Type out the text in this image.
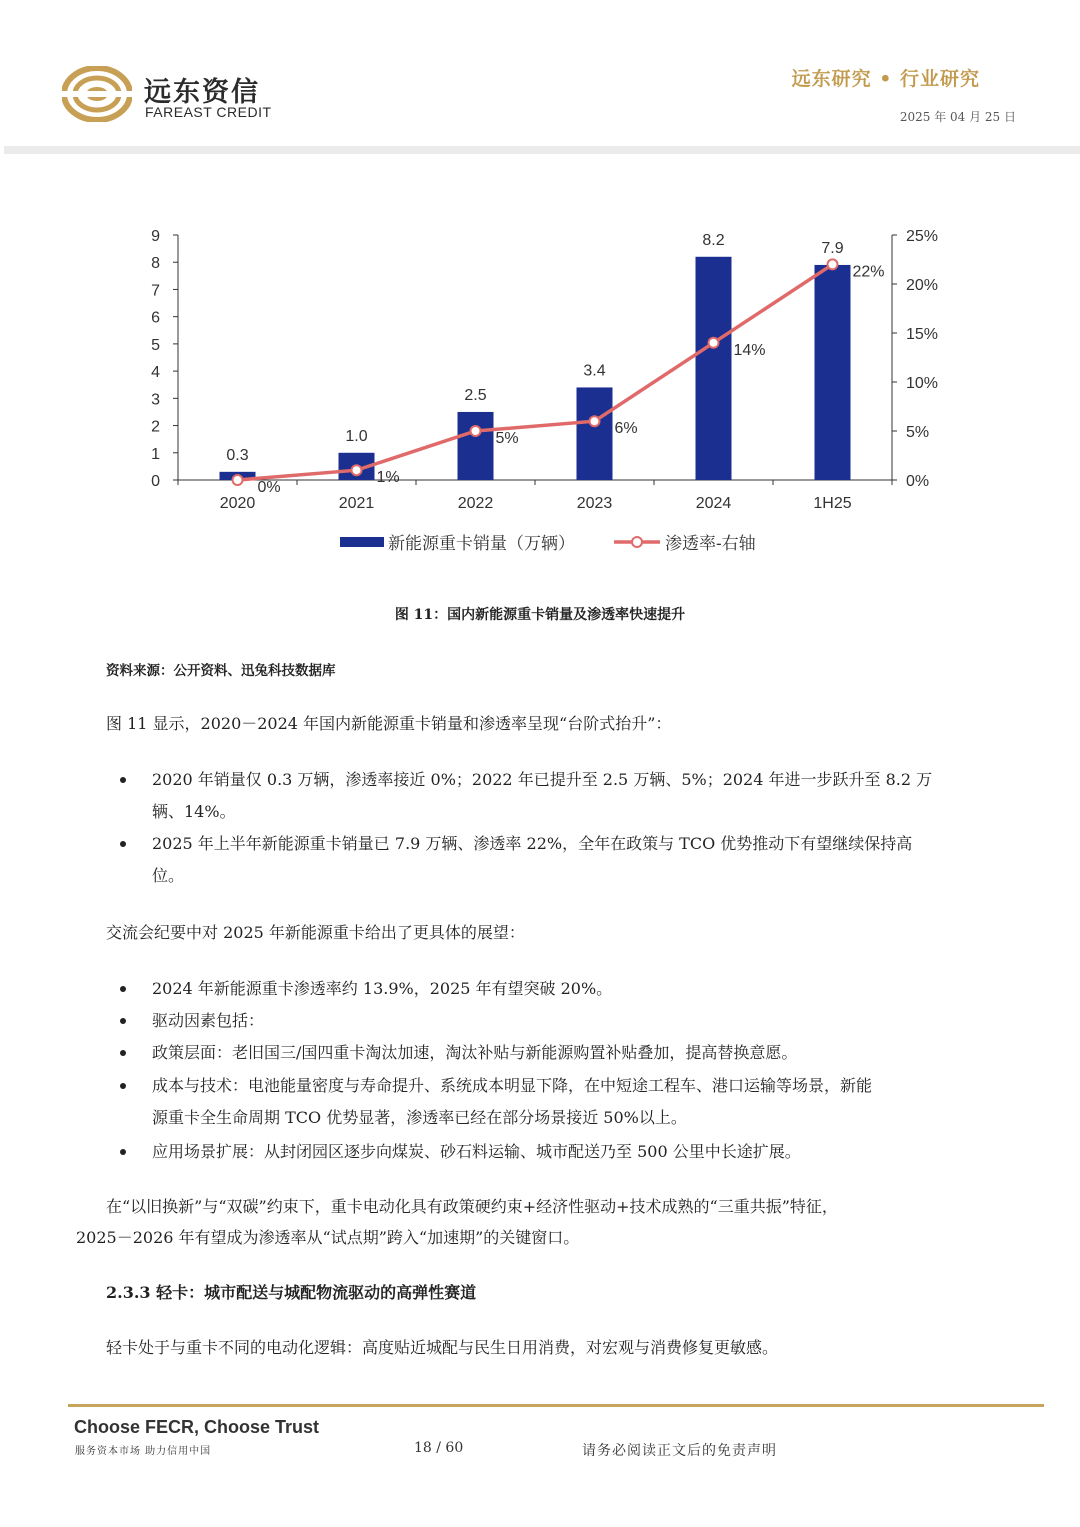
远东资信
FAREAST CREDIT
远东研究 • 行业研究
2025 年 04 月 25 日
0
1
2
3
4
5
6
7
8
9
0%
5%
10%
15%
20%
25%
2020	2021	2022	2023	2024	1H25
0.3
1.0
2.5
3.4
8.2	7.9
0%
1%
5%
6%
14%
22%
新能源重卡销量（万辆）	渗透率-右轴
图 11：国内新能源重卡销量及渗透率快速提升
资料来源：公开资料、迅兔科技数据库
图 11 显示，2020－2024 年国内新能源重卡销量和渗透率呈现“台阶式抬升”：
2020 年销量仅 0.3 万辆，渗透率接近 0%；2022 年已提升至 2.5 万辆、5%；2024 年进一步跃升至 8.2 万
辆、14%。
2025 年上半年新能源重卡销量已 7.9 万辆、渗透率 22%，全年在政策与 TCO 优势推动下有望继续保持高
位。
交流会纪要中对 2025 年新能源重卡给出了更具体的展望：
2024 年新能源重卡渗透率约 13.9%，2025 年有望突破 20%。
驱动因素包括：
政策层面：老旧国三/国四重卡淘汰加速，淘汰补贴与新能源购置补贴叠加，提高替换意愿。
成本与技术：电池能量密度与寿命提升、系统成本明显下降，在中短途工程车、港口运输等场景，新能
源重卡全生命周期 TCO 优势显著，渗透率已经在部分场景接近 50%以上。
应用场景扩展：从封闭园区逐步向煤炭、砂石料运输、城市配送乃至 500 公里中长途扩展。
在“以旧换新”与“双碳”约束下，重卡电动化具有政策硬约束+经济性驱动+技术成熟的“三重共振”特征，
2025－2026 年有望成为渗透率从“试点期”跨入“加速期”的关键窗口。
2.3.3 轻卡：城市配送与城配物流驱动的高弹性赛道
轻卡处于与重卡不同的电动化逻辑：高度贴近城配与民生日用消费，对宏观与消费修复更敏感。
Choose FECR, Choose Trust
服务资本市场 助力信用中国	18 / 60	请务必阅读正文后的免责声明
